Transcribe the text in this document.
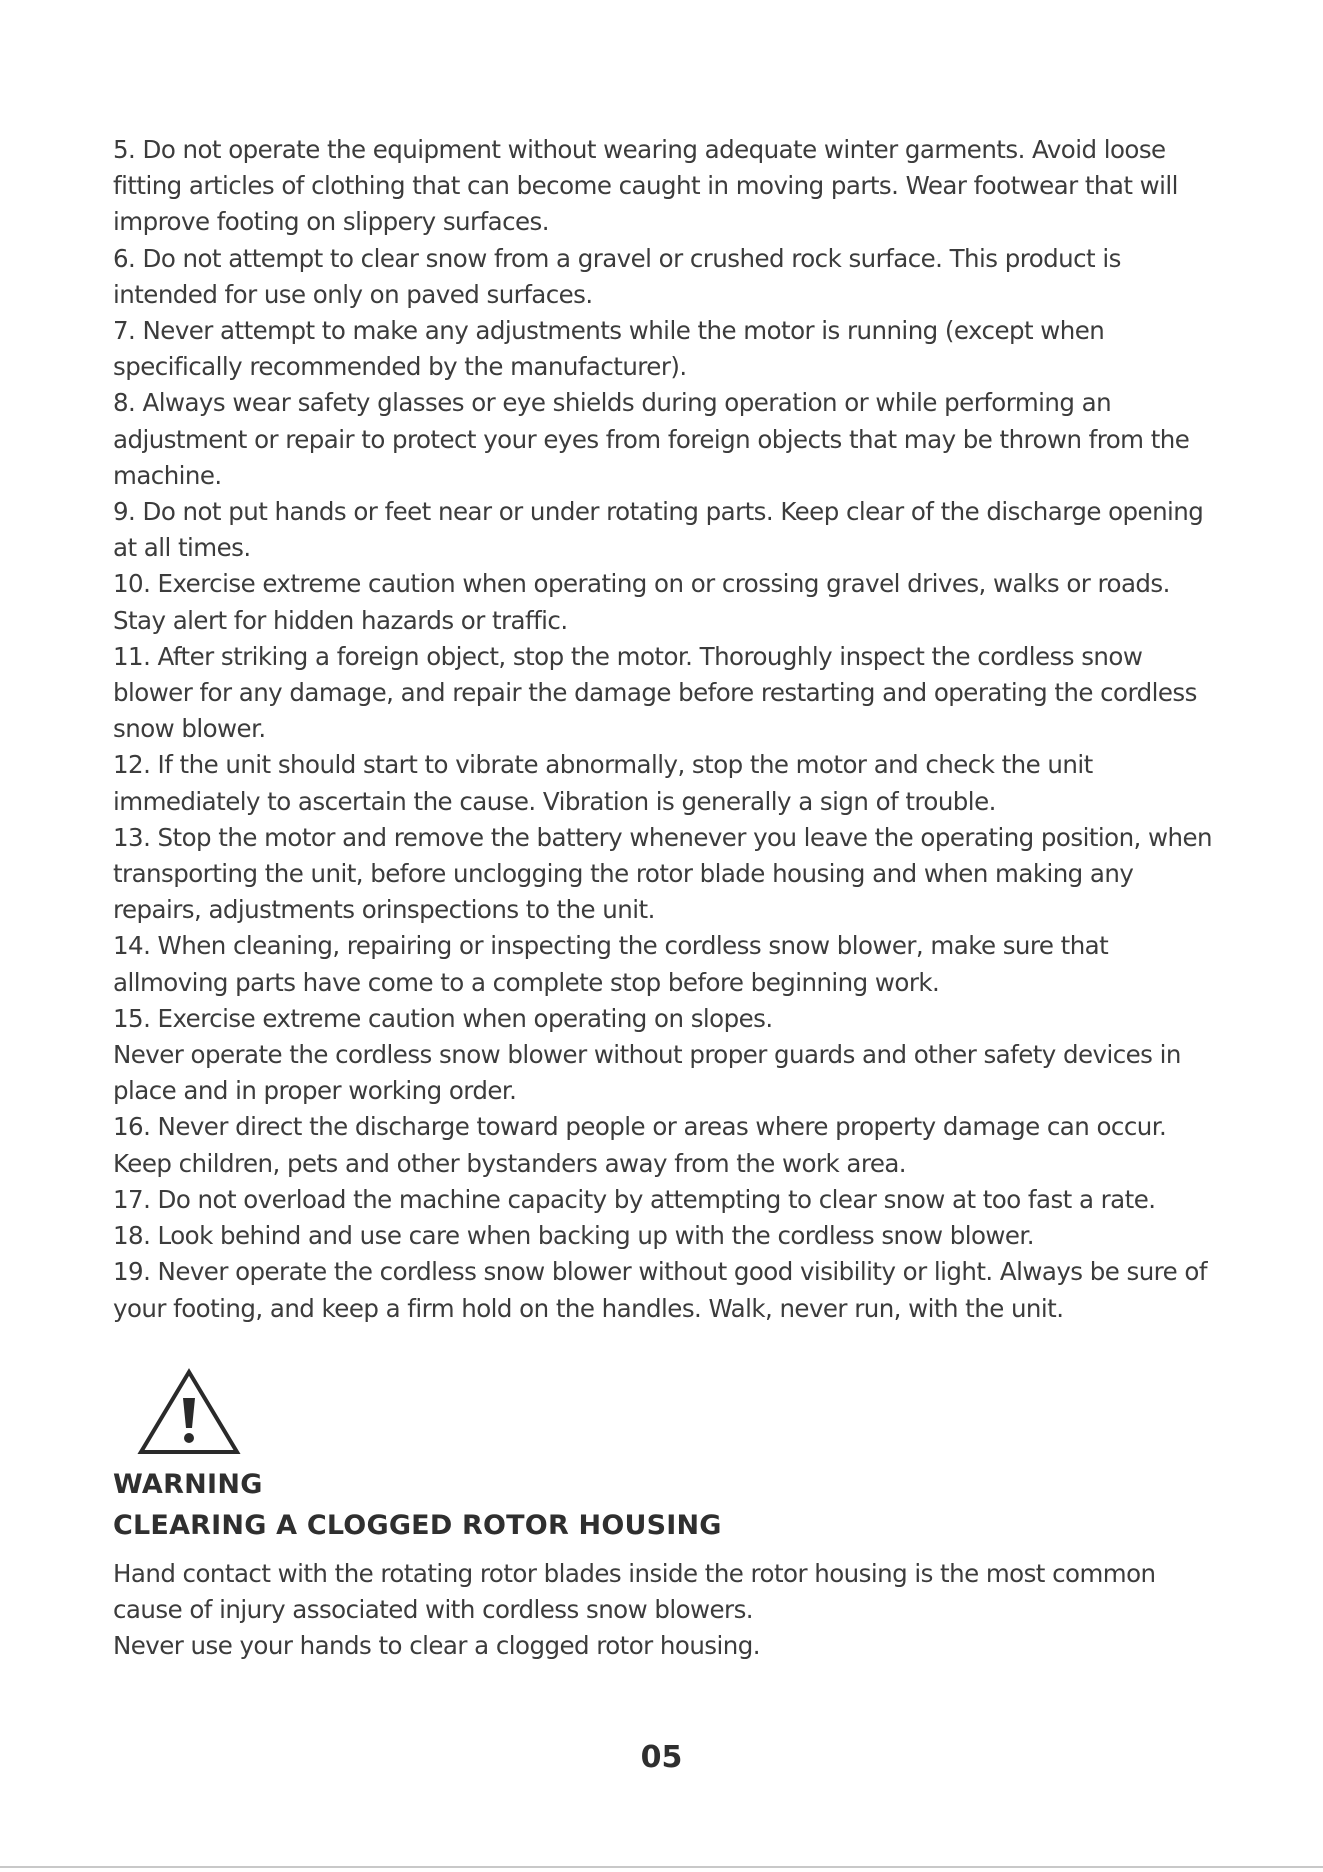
5. Do not operate the equipment without wearing adequate winter garments. Avoid loose fitting articles of clothing that can become caught in moving parts. Wear footwear that will improve footing on slippery surfaces.
6. Do not attempt to clear snow from a gravel or crushed rock surface. This product is intended for use only on paved surfaces.
7. Never attempt to make any adjustments while the motor is running (except when specifically recommended by the manufacturer).
8. Always wear safety glasses or eye shields during operation or while performing an adjustment or repair to protect your eyes from foreign objects that may be thrown from the machine.
9. Do not put hands or feet near or under rotating parts. Keep clear of the discharge opening at all times.
10. Exercise extreme caution when operating on or crossing gravel drives, walks or roads. Stay alert for hidden hazards or traffic.
11. After striking a foreign object, stop the motor. Thoroughly inspect the cordless snow blower for any damage, and repair the damage before restarting and operating the cordless snow blower.
12. If the unit should start to vibrate abnormally, stop the motor and check the unit immediately to ascertain the cause. Vibration is generally a sign of trouble.
13. Stop the motor and remove the battery whenever you leave the operating position, when transporting the unit, before unclogging the rotor blade housing and when making any repairs, adjustments orinspections to the unit.
14. When cleaning, repairing or inspecting the cordless snow blower, make sure that allmoving parts have come to a complete stop before beginning work.
15. Exercise extreme caution when operating on slopes.
Never operate the cordless snow blower without proper guards and other safety devices in place and in proper working order.
16. Never direct the discharge toward people or areas where property damage can occur. Keep children, pets and other bystanders away from the work area.
17. Do not overload the machine capacity by attempting to clear snow at too fast a rate.
18. Look behind and use care when backing up with the cordless snow blower.
19. Never operate the cordless snow blower without good visibility or light. Always be sure of your footing, and keep a firm hold on the handles. Walk, never run, with the unit.
WARNING
CLEARING A CLOGGED ROTOR HOUSING

Hand contact with the rotating rotor blades inside the rotor housing is the most common cause of injury associated with cordless snow blowers.

Never use your hands to clear a clogged rotor housing.

05
